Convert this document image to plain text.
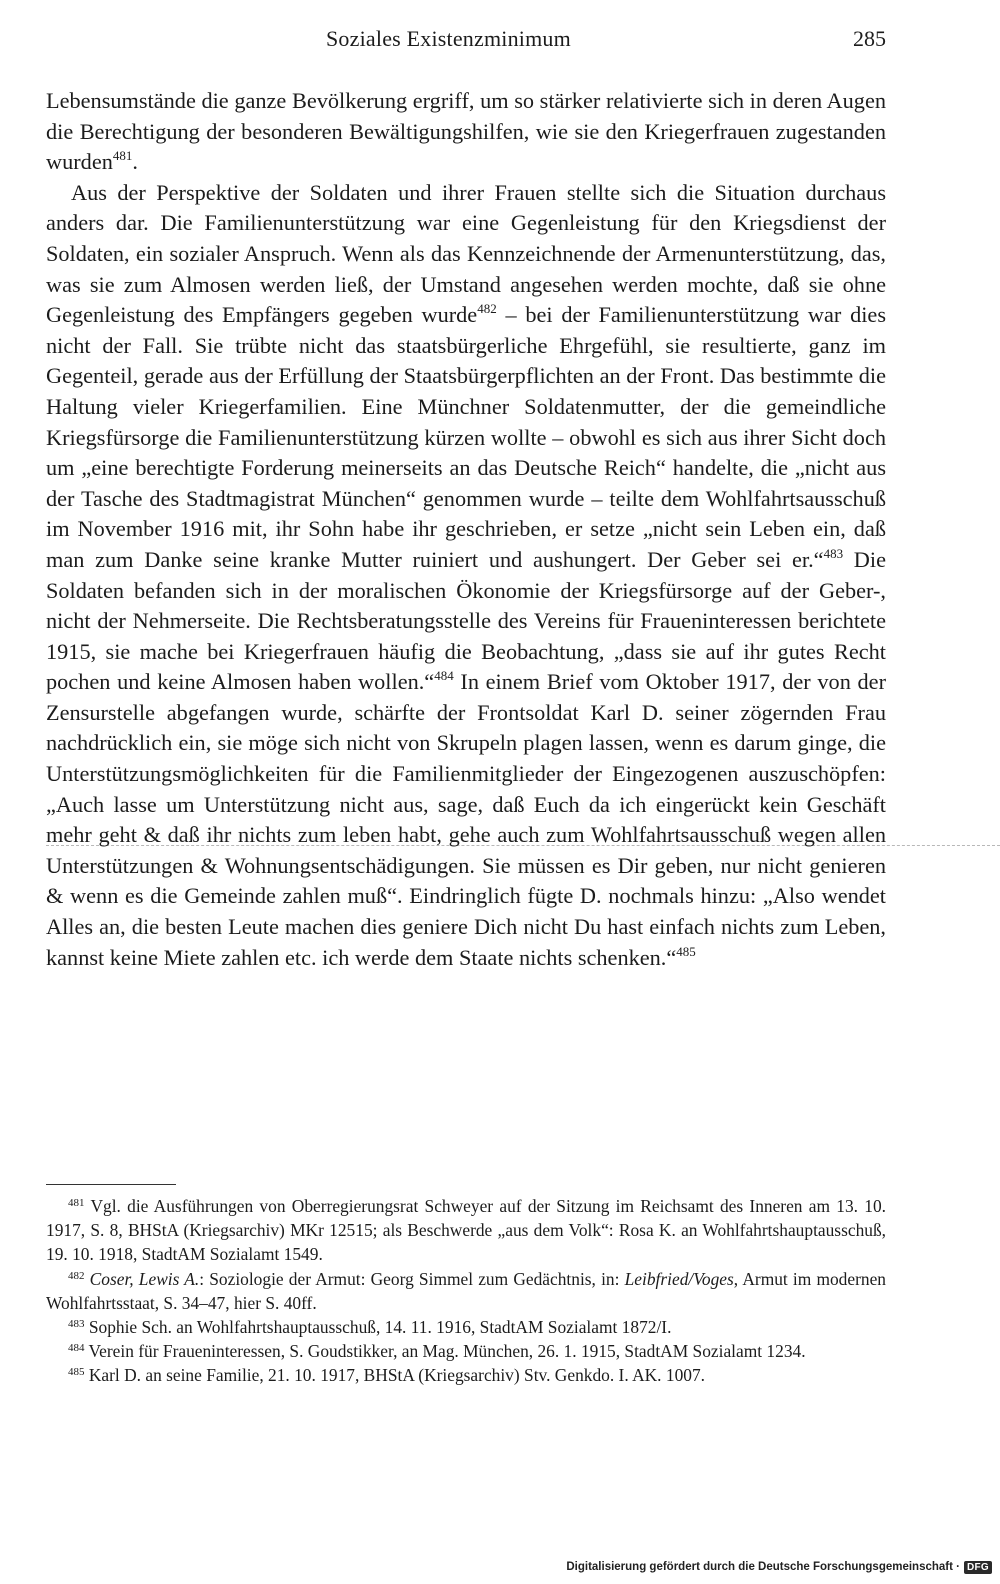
Soziales Existenzminimum	285

Lebensumstände die ganze Bevölkerung ergriff, um so stärker relativierte sich in deren Augen die Berechtigung der besonderen Bewältigungshilfen, wie sie den Kriegerfrauen zugestanden wurden$^{481}$.

Aus der Perspektive der Soldaten und ihrer Frauen stellte sich die Situation durchaus anders dar. Die Familienunterstützung war eine Gegenleistung für den Kriegsdienst der Soldaten, ein sozialer Anspruch. Wenn als das Kennzeichnende der Armenunterstützung, das, was sie zum Almosen werden ließ, der Umstand angesehen werden mochte, daß sie ohne Gegenleistung des Empfängers gegeben wurde$^{482}$ – bei der Familienunterstützung war dies nicht der Fall. Sie trübte nicht das staatsbürgerliche Ehrgefühl, sie resultierte, ganz im Gegenteil, gerade aus der Erfüllung der Staatsbürgerpflichten an der Front. Das bestimmte die Haltung vieler Kriegerfamilien. Eine Münchner Soldatenmutter, der die gemeindliche Kriegsfürsorge die Familienunterstützung kürzen wollte – obwohl es sich aus ihrer Sicht doch um „eine berechtigte Forderung meinerseits an das Deutsche Reich“ handelte, die „nicht aus der Tasche des Stadtmagistrat München“ genommen wurde – teilte dem Wohlfahrtsausschuß im November 1916 mit, ihr Sohn habe ihr geschrieben, er setze „nicht sein Leben ein, daß man zum Danke seine kranke Mutter ruiniert und aushungert. Der Geber sei er.“$^{483}$ Die Soldaten befanden sich in der moralischen Ökonomie der Kriegsfürsorge auf der Geber-, nicht der Nehmerseite. Die Rechtsberatungsstelle des Vereins für Fraueninteressen berichtete 1915, sie mache bei Kriegerfrauen häufig die Beobachtung, „dass sie auf ihr gutes Recht pochen und keine Almosen haben wollen.“$^{484}$ In einem Brief vom Oktober 1917, der von der Zensurstelle abgefangen wurde, schärfte der Frontsoldat Karl D. seiner zögernden Frau nachdrücklich ein, sie möge sich nicht von Skrupeln plagen lassen, wenn es darum ginge, die Unterstützungsmöglichkeiten für die Familienmitglieder der Eingezogenen auszuschöpfen: „Auch lasse um Unterstützung nicht aus, sage, daß Euch da ich eingerückt kein Geschäft mehr geht & daß ihr nichts zum leben habt, gehe auch zum Wohlfahrtsausschuß wegen allen Unterstützungen & Wohnungsentschädigungen. Sie müssen es Dir geben, nur nicht genieren & wenn es die Gemeinde zahlen muß“. Eindringlich fügte D. nochmals hinzu: „Also wendet Alles an, die besten Leute machen dies geniere Dich nicht Du hast einfach nichts zum Leben, kannst keine Miete zahlen etc. ich werde dem Staate nichts schenken.“$^{485}$

$^{481}$ Vgl. die Ausführungen von Oberregierungsrat Schweyer auf der Sitzung im Reichsamt des Inneren am 13. 10. 1917, S. 8, BHStA (Kriegsarchiv) MKr 12515; als Beschwerde „aus dem Volk“: Rosa K. an Wohlfahrtshauptausschuß, 19. 10. 1918, StadtAM Sozialamt 1549.

$^{482}$ Coser, Lewis A.: Soziologie der Armut: Georg Simmel zum Gedächtnis, in: Leibfried/Voges, Armut im modernen Wohlfahrtsstaat, S. 34–47, hier S. 40ff.

$^{483}$ Sophie Sch. an Wohlfahrtshauptausschuß, 14. 11. 1916, StadtAM Sozialamt 1872/I.

$^{484}$ Verein für Fraueninteressen, S. Goudstikker, an Mag. München, 26. 1. 1915, StadtAM Sozialamt 1234.

$^{485}$ Karl D. an seine Familie, 21. 10. 1917, BHStA (Kriegsarchiv) Stv. Genkdo. I. AK. 1007.

Digitalisierung gefördert durch die Deutsche Forschungsgemeinschaft · DFG
